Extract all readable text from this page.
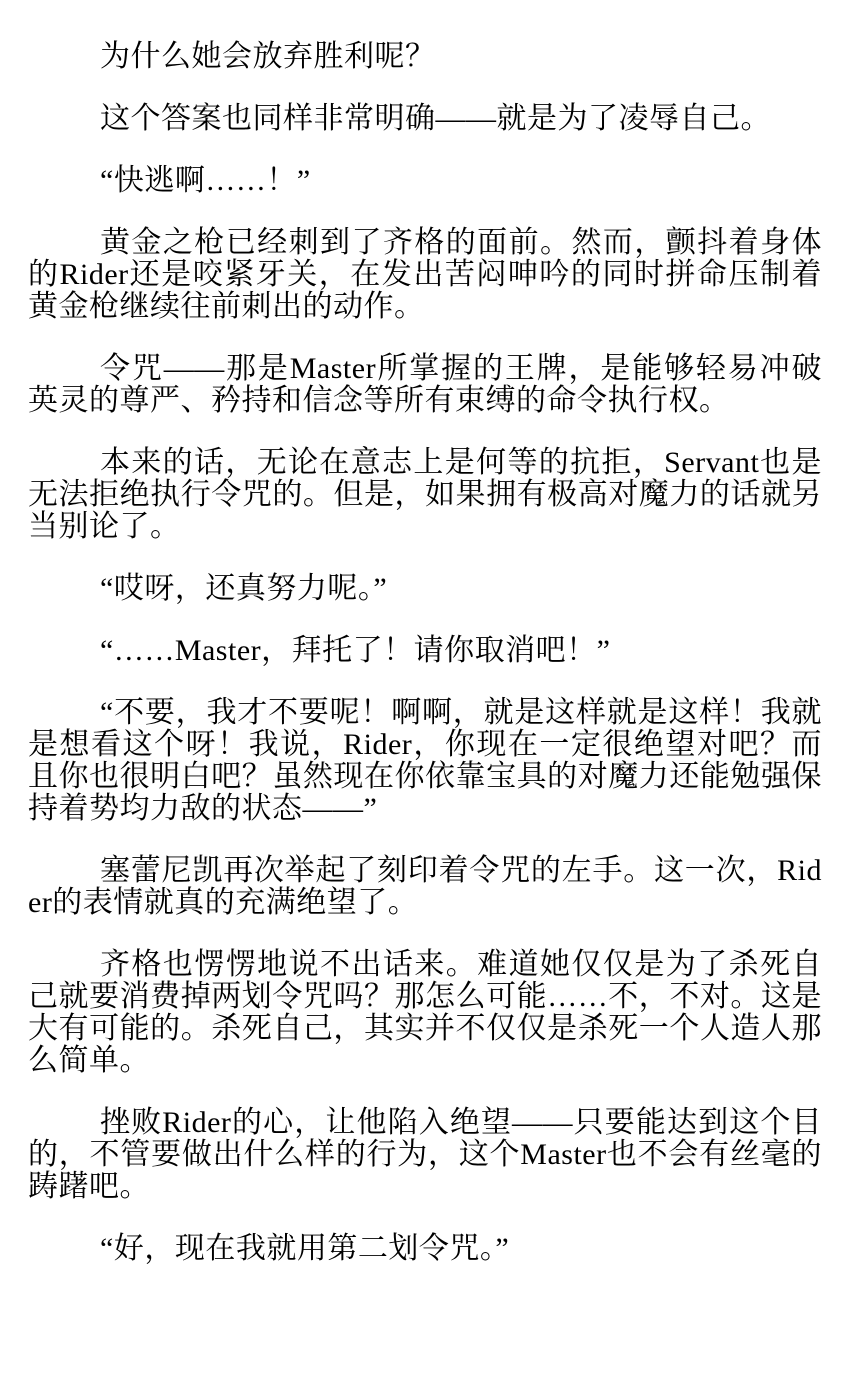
为什么她会放弃胜利呢？

这个答案也同样非常明确——就是为了凌辱自己。

“快逃啊……！”

黄金之枪已经刺到了齐格的面前。然而，颤抖着身体的Rider还是咬紧牙关，在发出苦闷呻吟的同时拼命压制着黄金枪继续往前刺出的动作。

令咒——那是Master所掌握的王牌，是能够轻易冲破英灵的尊严、矜持和信念等所有束缚的命令执行权。

本来的话，无论在意志上是何等的抗拒，Servant也是无法拒绝执行令咒的。但是，如果拥有极高对魔力的话就另当别论了。

“哎呀，还真努力呢。”

“……Master，拜托了！请你取消吧！”

“不要，我才不要呢！啊啊，就是这样就是这样！我就是想看这个呀！我说，Rider，你现在一定很绝望对吧？而且你也很明白吧？虽然现在你依靠宝具的对魔力还能勉强保持着势均力敌的状态——”

塞蕾尼凯再次举起了刻印着令咒的左手。这一次，Rider的表情就真的充满绝望了。

齐格也愣愣地说不出话来。难道她仅仅是为了杀死自己就要消费掉两划令咒吗？那怎么可能……不，不对。这是大有可能的。杀死自己，其实并不仅仅是杀死一个人造人那么简单。

挫败Rider的心，让他陷入绝望——只要能达到这个目的，不管要做出什么样的行为，这个Master也不会有丝毫的踌躇吧。

“好，现在我就用第二划令咒。”
